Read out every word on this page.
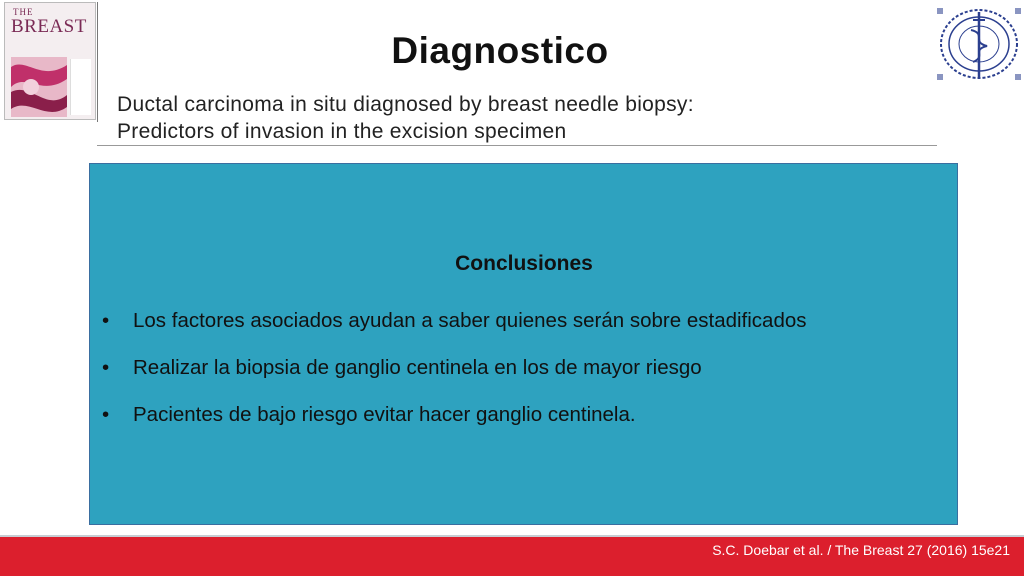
THE
BREAST
Diagnostico
Ductal carcinoma in situ diagnosed by breast needle biopsy:
Predictors of invasion in the excision specimen
Conclusiones
• Los factores asociados ayudan a saber quienes serán sobre estadificados
• Realizar la biopsia de ganglio centinela en los de mayor riesgo
• Pacientes de bajo riesgo evitar hacer ganglio centinela.
S.C. Doebar et al. / The Breast 27 (2016) 15e21
